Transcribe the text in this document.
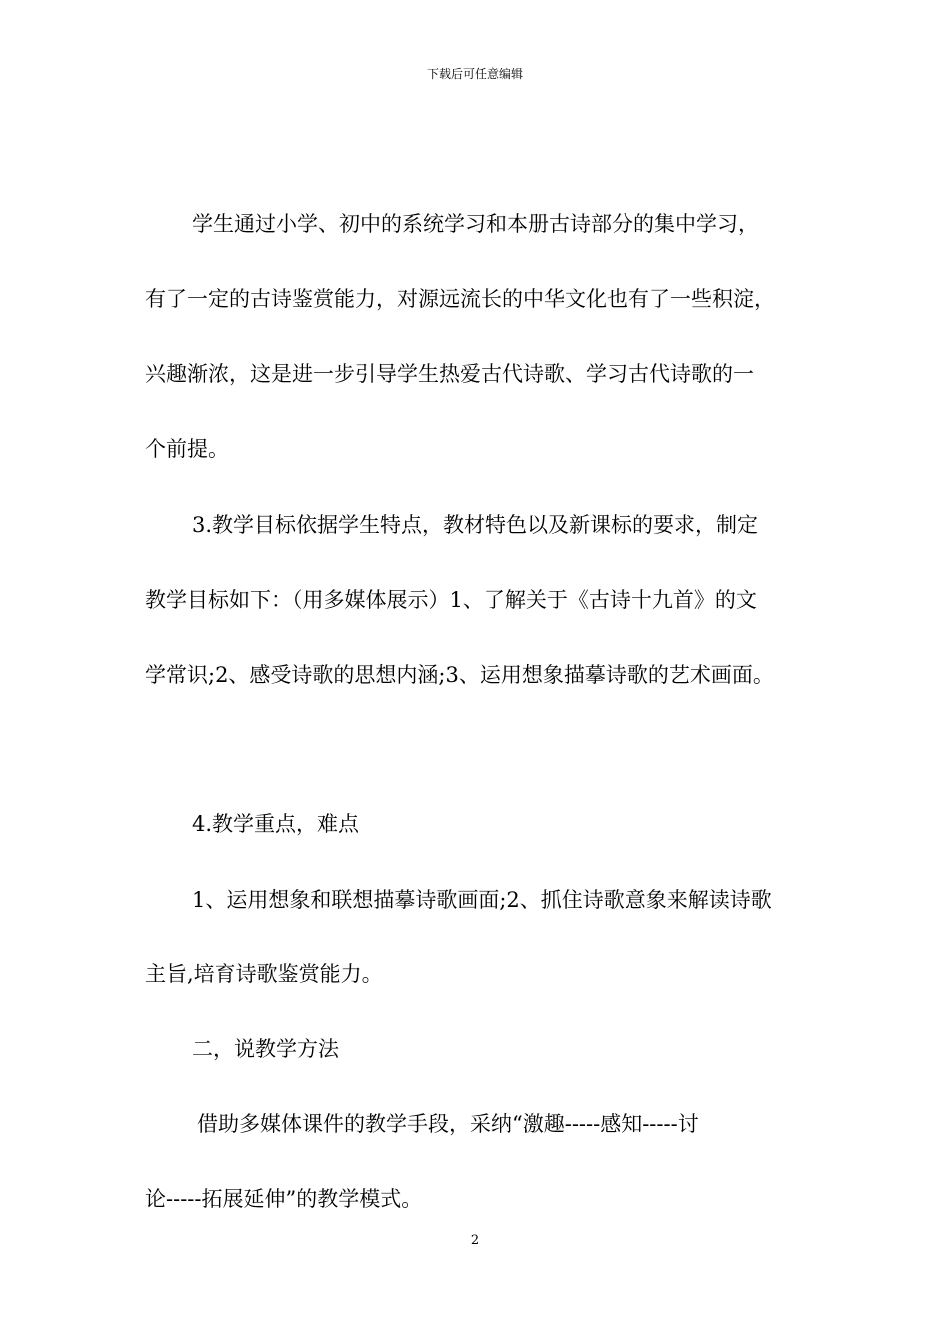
下载后可任意编辑
学生通过小学、初中的系统学习和本册古诗部分的集中学习，
有了一定的古诗鉴赏能力，对源远流长的中华文化也有了一些积淀，
兴趣渐浓，这是进一步引导学生热爱古代诗歌、学习古代诗歌的一
个前提。
3.教学目标依据学生特点，教材特色以及新课标的要求，制定
教学目标如下：（用多媒体展示）1、了解关于《古诗十九首》的文
学常识;2、感受诗歌的思想内涵;3、运用想象描摹诗歌的艺术画面。
4.教学重点，难点
1、运用想象和联想描摹诗歌画面;2、抓住诗歌意象来解读诗歌
主旨,培育诗歌鉴赏能力。
二，说教学方法
借助多媒体课件的教学手段，采纳“激趣-----感知-----讨
论-----拓展延伸”的教学模式。
2
